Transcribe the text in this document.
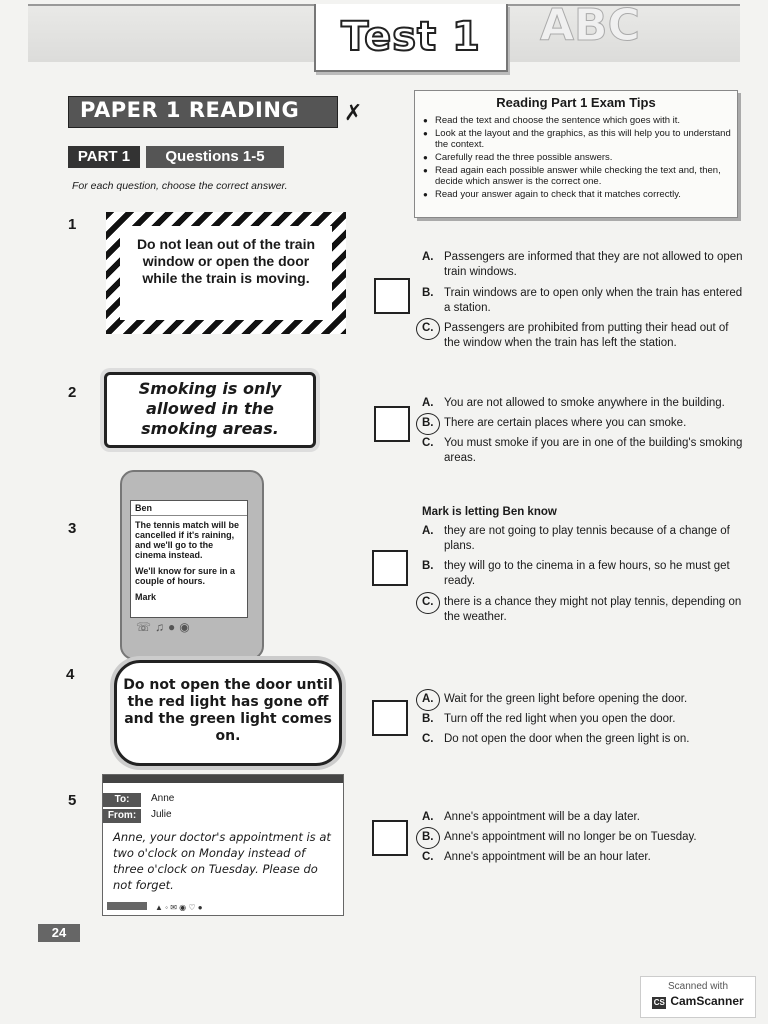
ABC
Test 1
PAPER 1 READING ✗
PART 1	Questions 1-5
For each question, choose the correct answer.
Reading Part 1 Exam Tips
● Read the text and choose the sentence which goes with it.
● Look at the layout and the graphics, as this will help you to understand the context.
● Carefully read the three possible answers.
● Read again each possible answer while checking the text and, then, decide which answer is the correct one.
● Read your answer again to check that it matches correctly.
1
Do not lean out of the train window or open the door while the train is moving.
A. Passengers are informed that they are not allowed to open train windows.
B. Train windows are to open only when the train has entered a station.
C. Passengers are prohibited from putting their head out of the window when the train has left the station.
2	Smoking is only allowed in the smoking areas.
A. You are not allowed to smoke anywhere in the building.
B. There are certain places where you can smoke.
C. You must smoke if you are in one of the building's smoking areas.
3
Ben
The tennis match will be cancelled if it's raining, and we'll go to the cinema instead.
We'll know for sure in a couple of hours.
Mark
☏♫●◉
Mark is letting Ben know
A. they are not going to play tennis because of a change of plans.
B. they will go to the cinema in a few hours, so he must get ready.
C. there is a chance they might not play tennis, depending on the weather.
4
Do not open the door until the red light has gone off and the green light comes on.
A. Wait for the green light before opening the door.
B. Turn off the red light when you open the door.
C. Do not open the door when the green light is on.
5	To:	Anne
From:	Julie
Anne, your doctor's appointment is at two o'clock on Monday instead of three o'clock on Tuesday. Please do not forget.
▲ ◦ ✉ ◉ ♡ ●
A. Anne's appointment will be a day later.
B. Anne's appointment will no longer be on Tuesday.
C. Anne's appointment will be an hour later.
24
Scanned with
CS CamScanner
